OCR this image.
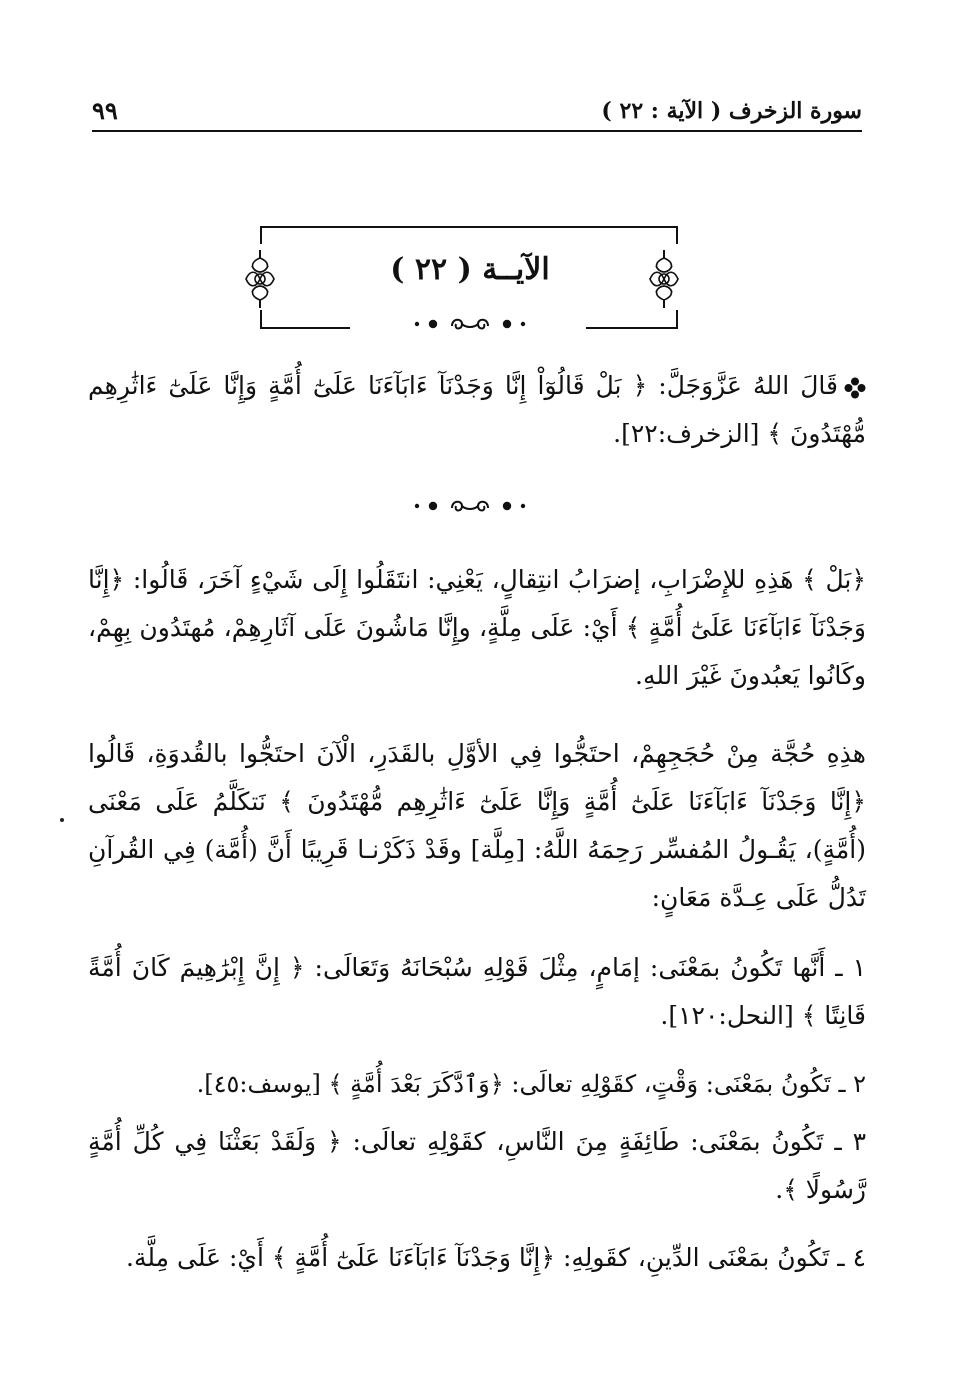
سورة الزخرف ( الآية : ٢٢ )
٩٩
الآيــة ( ٢٢ )

قَالَ اللهُ عَزَّوَجَلَّ: ﴿ بَلْ قَالُوٓاْ إِنَّا وَجَدْنَآ ءَابَآءَنَا عَلَىٰٓ أُمَّةٍ وَإِنَّا عَلَىٰٓ ءَاثَٰرِهِم مُّهْتَدُونَ ﴾ [الزخرف:٢٢].

﴿بَلْ ﴾ هَذِهِ للإِضْرَابِ، إضرَابُ انتِقالٍ، يَعْنِي: انتَقَلُوا إِلَى شَيْءٍ آخَرَ، قَالُوا: ﴿إِنَّا وَجَدْنَآ ءَابَآءَنَا عَلَىٰٓ أُمَّةٍ ﴾ أَيْ: عَلَى مِلَّةٍ، وإِنَّا مَاشُونَ عَلَى آثَارِهِمْ، مُهتَدُون بِهِمْ، وكَانُوا يَعبُدونَ غَيْرَ اللهِ.

هذِهِ حُجَّة مِنْ حُجَجِهِمْ، احتَجُّوا فِي الأوَّلِ بالقَدَرِ، الْآنَ احتَجُّوا بالقُدوَةِ، قَالُوا ﴿إِنَّا وَجَدْنَآ ءَابَآءَنَا عَلَىٰٓ أُمَّةٍ وَإِنَّا عَلَىٰٓ ءَاثَٰرِهِم مُّهْتَدُونَ ﴾ نَتكَلَّمُ عَلَى مَعْنَى (أُمَّةٍ)، يَقُـولُ المُفسِّر رَحِمَهُ اللَّهُ: [مِلَّة] وقَدْ ذَكَرْنـا قَرِيبًا أَنَّ (أُمَّة) فِي القُرآنِ تَدُلُّ عَلَى عِـدَّة مَعَانٍ:

١ ـ أَنَّها تَكُونُ بمَعْنَى: إمَامٍ، مِثْلَ قَوْلِهِ سُبْحَانَهُ وَتَعَالَى: ﴿ إِنَّ إِبْرَٰهِيمَ كَانَ أُمَّةً قَانِتًا ﴾ [النحل:١٢٠].

٢ ـ تَكُونُ بمَعْنَى: وَقْتٍ، كقَوْلِهِ تعالَى: ﴿وَٱدَّكَرَ بَعْدَ أُمَّةٍ ﴾ [يوسف:٤٥].

٣ ـ تَكُونُ بمَعْنَى: طَائِفَةٍ مِنَ النَّاسِ، كقَوْلِهِ تعالَى: ﴿ وَلَقَدْ بَعَثْنَا فِي كُلِّ أُمَّةٍ رَّسُولًا ﴾.

٤ ـ تَكُونُ بمَعْنَى الدِّينِ، كقَولِهِ: ﴿إِنَّا وَجَدْنَآ ءَابَآءَنَا عَلَىٰٓ أُمَّةٍ ﴾ أَيْ: عَلَى مِلَّة.
